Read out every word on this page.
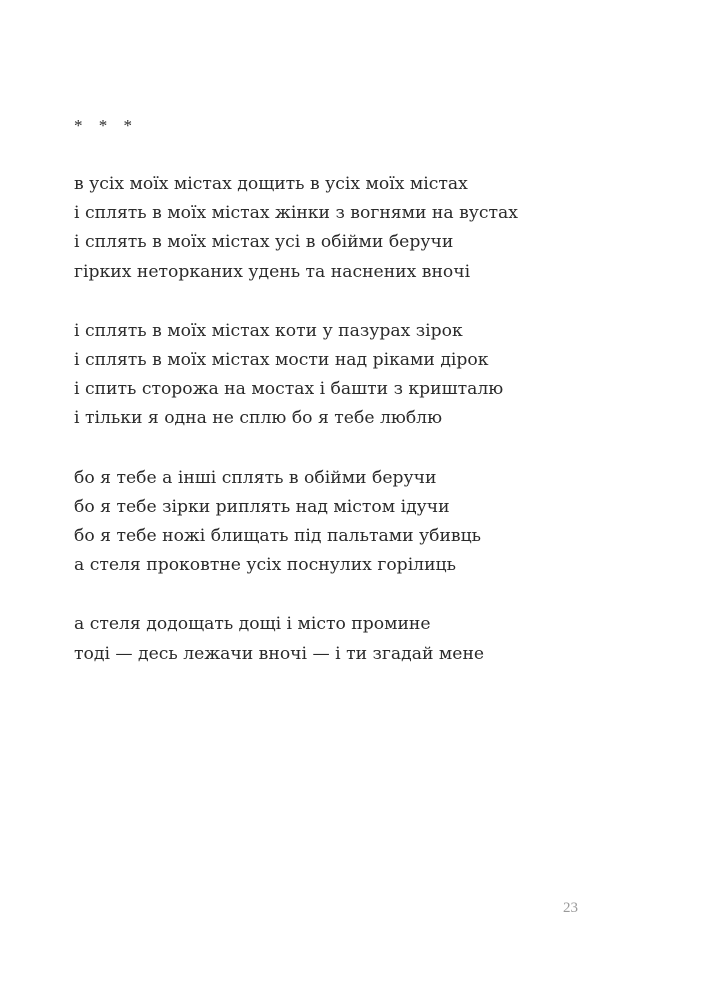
* * *
в усіх моїх містах дощить в усіх моїх містах
і сплять в моїх містах жінки з вогнями на вустах
і сплять в моїх містах усі в обійми беручи
гірких неторканих удень та наснених вночі
і сплять в моїх містах коти у пазурах зірок
і сплять в моїх містах мости над ріками дірок
і спить сторожа на мостах і башти з кришталю
і тільки я одна не сплю бо я тебе люблю
бо я тебе а інші сплять в обійми беручи
бо я тебе зірки риплять над містом ідучи
бо я тебе ножі блищать під пальтами убивць
а стеля проковтне усіх поснулих горілиць
а стеля додощать дощі і місто промине
тоді — десь лежачи вночі — і ти згадай мене
23
